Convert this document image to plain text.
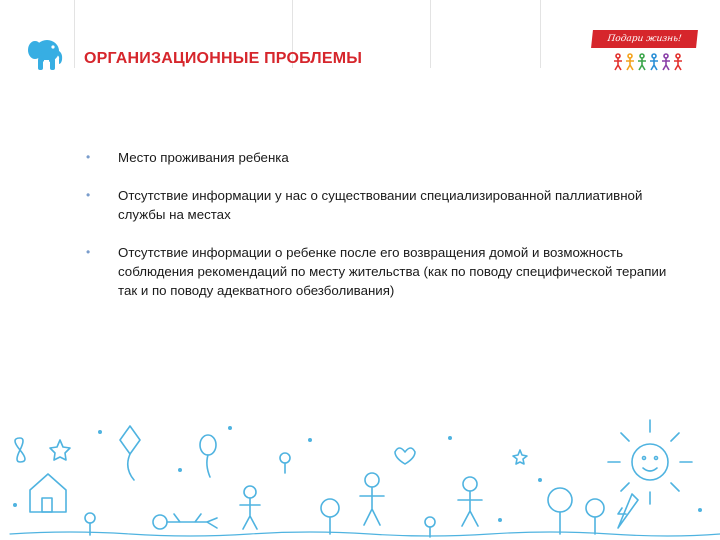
ОРГАНИЗАЦИОННЫЕ ПРОБЛЕМЫ
Подари жизнь!
• Место проживания ребенка
• Отсутствие информации у нас о существовании специализированной паллиативной службы на местах
• Отсутствие информации о ребенке после его возвращения домой и возможность соблюдения рекомендаций по месту жительства (как по поводу специфической терапии так и по поводу адекватного обезболивания)
